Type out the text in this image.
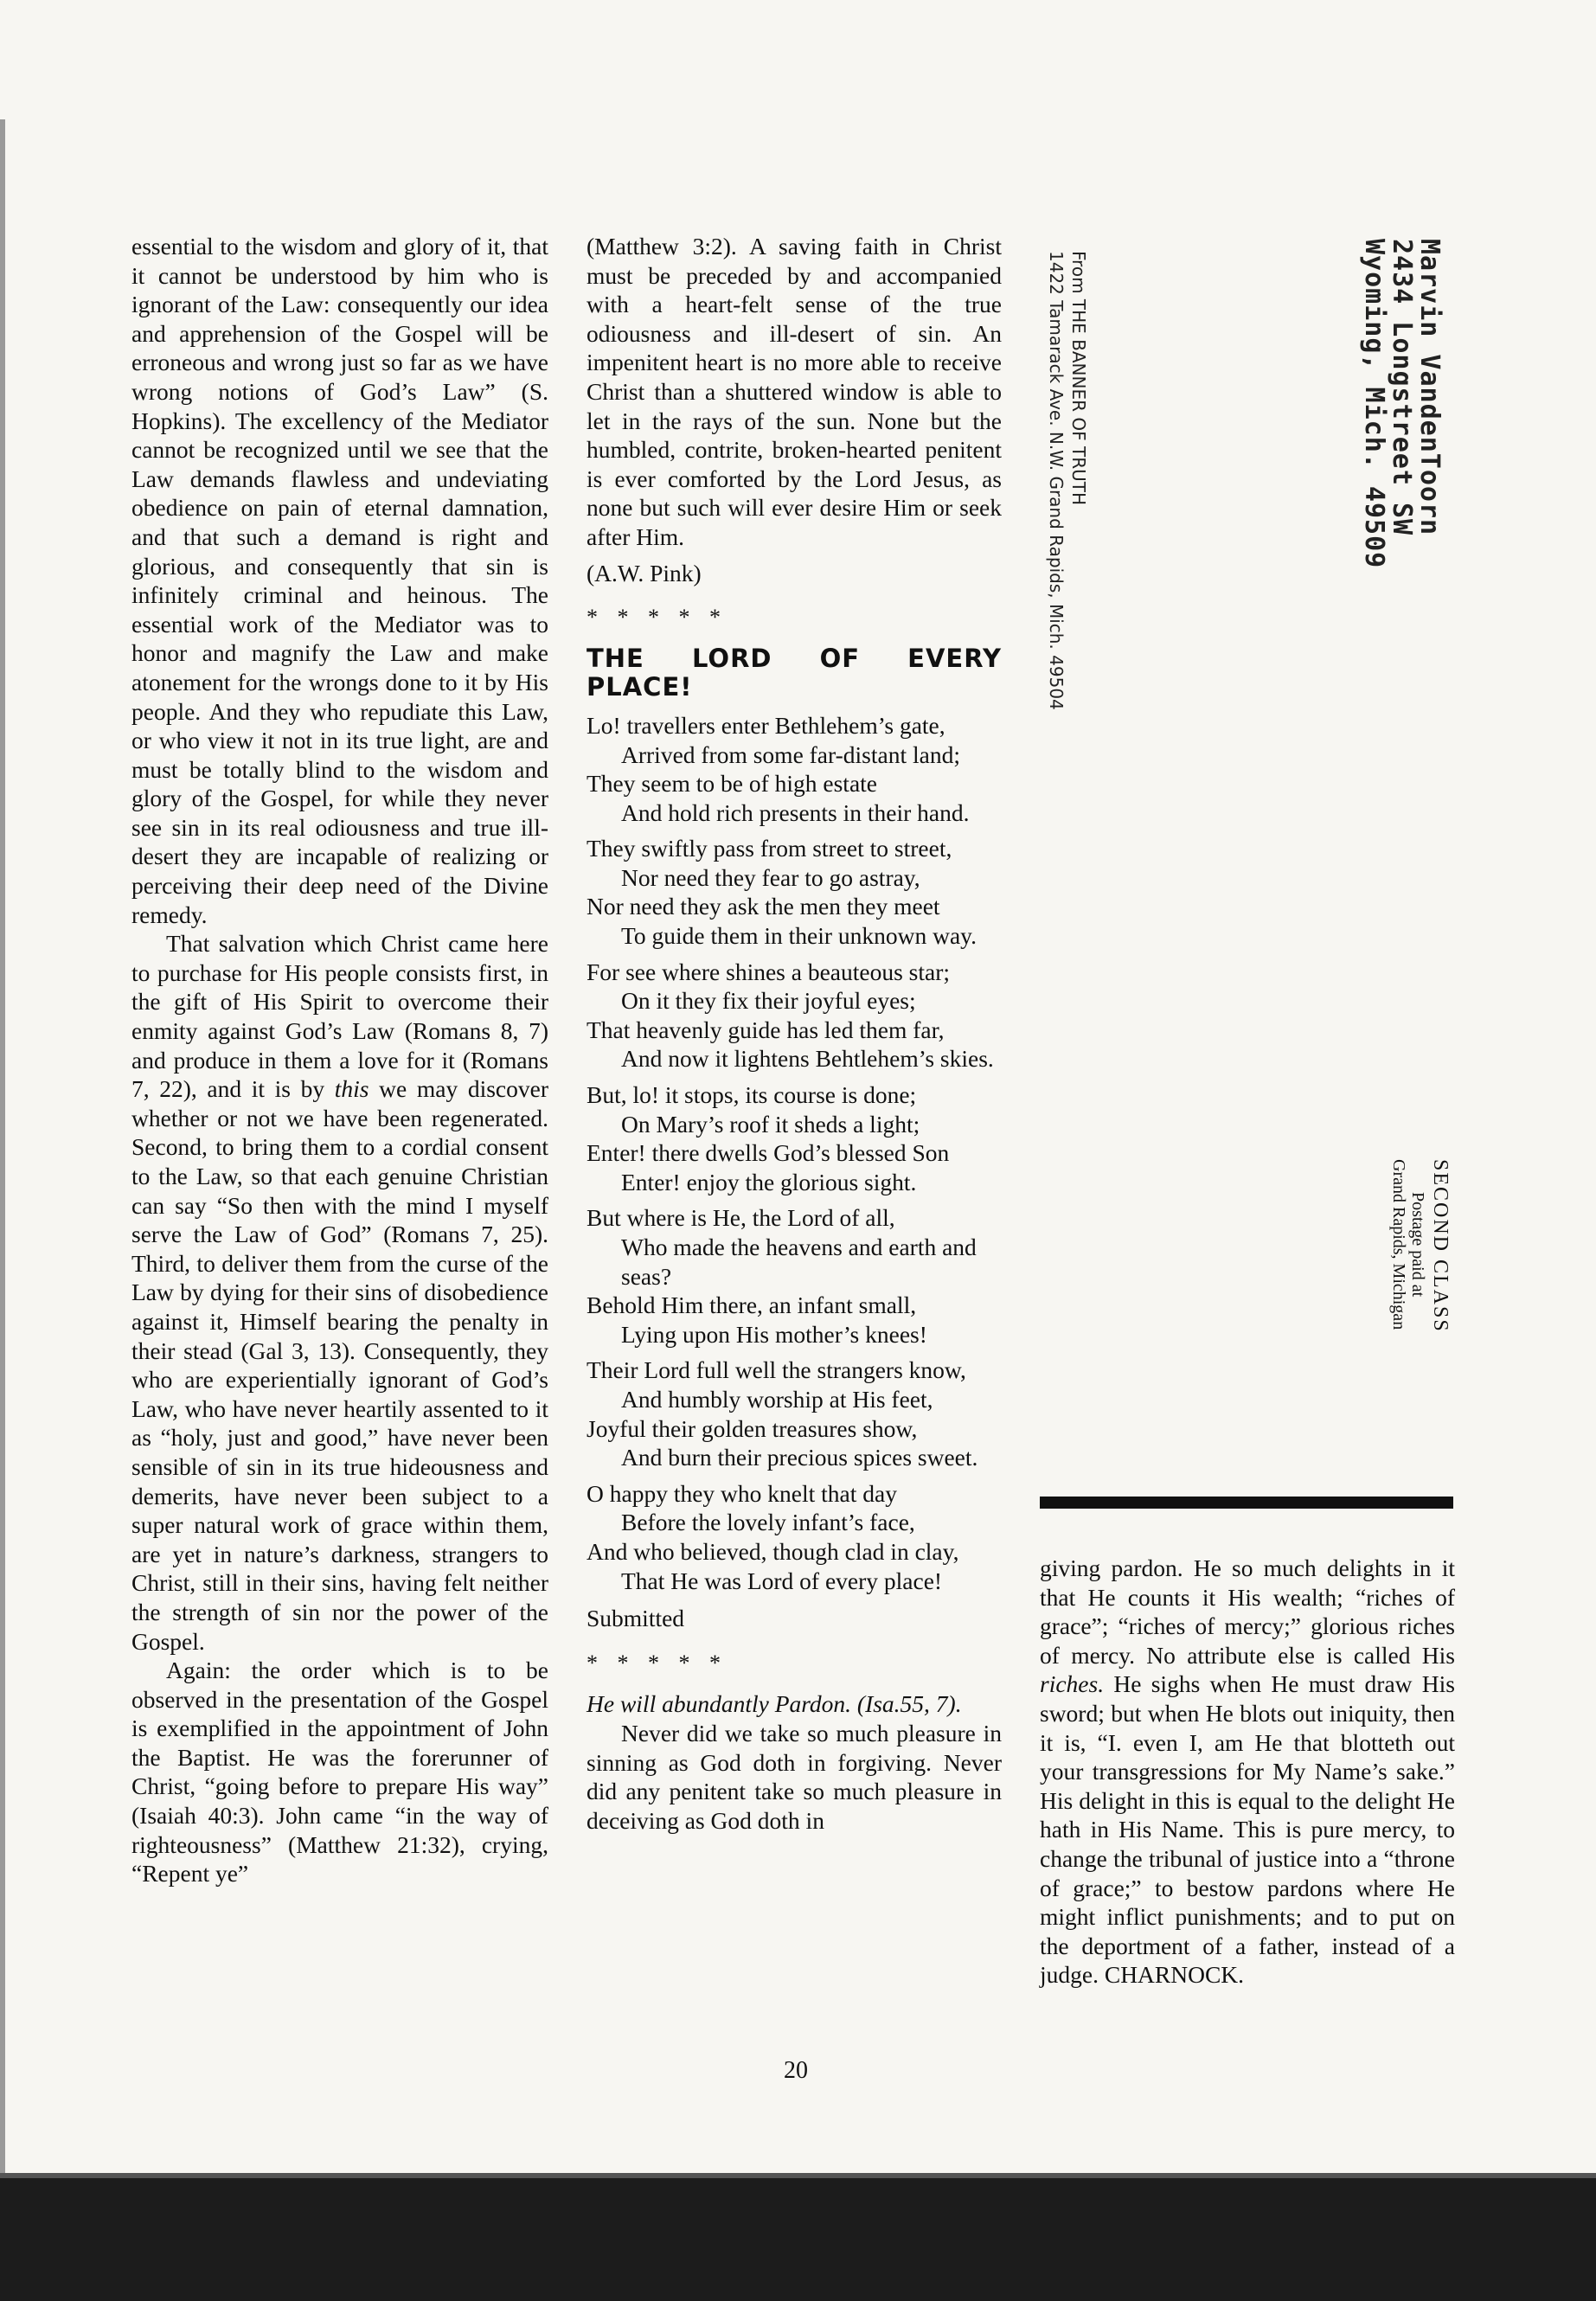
essential to the wisdom and glory of it, that it cannot be understood by him who is ignorant of the Law: consequently our idea and apprehension of the Gospel will be erroneous and wrong just so far as we have wrong notions of God’s Law” (S. Hopkins). The excellency of the Mediator cannot be recognized until we see that the Law demands flawless and undeviating obedience on pain of eternal damnation, and that such a demand is right and glorious, and consequently that sin is infinitely criminal and heinous. The essential work of the Mediator was to honor and magnify the Law and make atonement for the wrongs done to it by His people. And they who repudiate this Law, or who view it not in its true light, are and must be totally blind to the wisdom and glory of the Gospel, for while they never see sin in its real odiousness and true ill-desert they are incapable of realizing or perceiving their deep need of the Divine remedy.

That salvation which Christ came here to purchase for His people consists first, in the gift of His Spirit to overcome their enmity against God’s Law (Romans 8, 7) and produce in them a love for it (Romans 7, 22), and it is by this we may discover whether or not we have been regenerated. Second, to bring them to a cordial consent to the Law, so that each genuine Christian can say “So then with the mind I myself serve the Law of God” (Romans 7, 25). Third, to deliver them from the curse of the Law by dying for their sins of disobedience against it, Himself bearing the penalty in their stead (Gal 3, 13). Consequently, they who are experientially ignorant of God’s Law, who have never heartily assented to it as “holy, just and good,” have never been sensible of sin in its true hideousness and demerits, have never been subject to a super natural work of grace within them, are yet in nature’s darkness, strangers to Christ, still in their sins, having felt neither the strength of sin nor the power of the Gospel.

Again: the order which is to be observed in the presentation of the Gospel is exemplified in the appointment of John the Baptist. He was the forerunner of Christ, “going before to prepare His way” (Isaiah 40:3). John came “in the way of righteousness” (Matthew 21:32), crying, “Repent ye”

(Matthew 3:2). A saving faith in Christ must be preceded by and accompanied with a heart-felt sense of the true odiousness and ill-desert of sin. An impenitent heart is no more able to receive Christ than a shuttered window is able to let in the rays of the sun. None but the humbled, contrite, broken-hearted penitent is ever comforted by the Lord Jesus, as none but such will ever desire Him or seek after Him.

(A.W. Pink)

* * * * *

THE LORD OF EVERY PLACE!

Lo! travellers enter Bethlehem’s gate,
Arrived from some far-distant land;
They seem to be of high estate
And hold rich presents in their hand.
They swiftly pass from street to street,
Nor need they fear to go astray,
Nor need they ask the men they meet
To guide them in their unknown way.
For see where shines a beauteous star;
On it they fix their joyful eyes;
That heavenly guide has led them far,
And now it lightens Behtlehem’s skies.
But, lo! it stops, its course is done;
On Mary’s roof it sheds a light;
Enter! there dwells God’s blessed Son
Enter! enjoy the glorious sight.
But where is He, the Lord of all,
Who made the heavens and earth and seas?
Behold Him there, an infant small,
Lying upon His mother’s knees!
Their Lord full well the strangers know,
And humbly worship at His feet,
Joyful their golden treasures show,
And burn their precious spices sweet.
O happy they who knelt that day
Before the lovely infant’s face,
And who believed, though clad in clay,
That He was Lord of every place!

Submitted

* * * * *

He will abundantly Pardon. (Isa.55, 7).

Never did we take so much pleasure in sinning as God doth in forgiving. Never did any penitent take so much pleasure in deceiving as God doth in

From THE BANNER OF TRUTH
1422 Tamarack Ave. N.W. Grand Rapids, Mich. 49504	Marvin VandenToorn
2434 Longstreet SW
Wyoming, Mich. 49509
SECOND CLASS
Postage paid at
Grand Rapids, Michigan

giving pardon. He so much delights in it that He counts it His wealth; “riches of grace”; “riches of mercy;” glorious riches of mercy. No attribute else is called His riches. He sighs when He must draw His sword; but when He blots out iniquity, then it is, “I. even I, am He that blotteth out your transgressions for My Name’s sake.” His delight in this is equal to the delight He hath in His Name. This is pure mercy, to change the tribunal of justice into a “throne of grace;” to bestow pardons where He might inflict punishments; and to put on the deportment of a father, instead of a judge. CHARNOCK.

20
